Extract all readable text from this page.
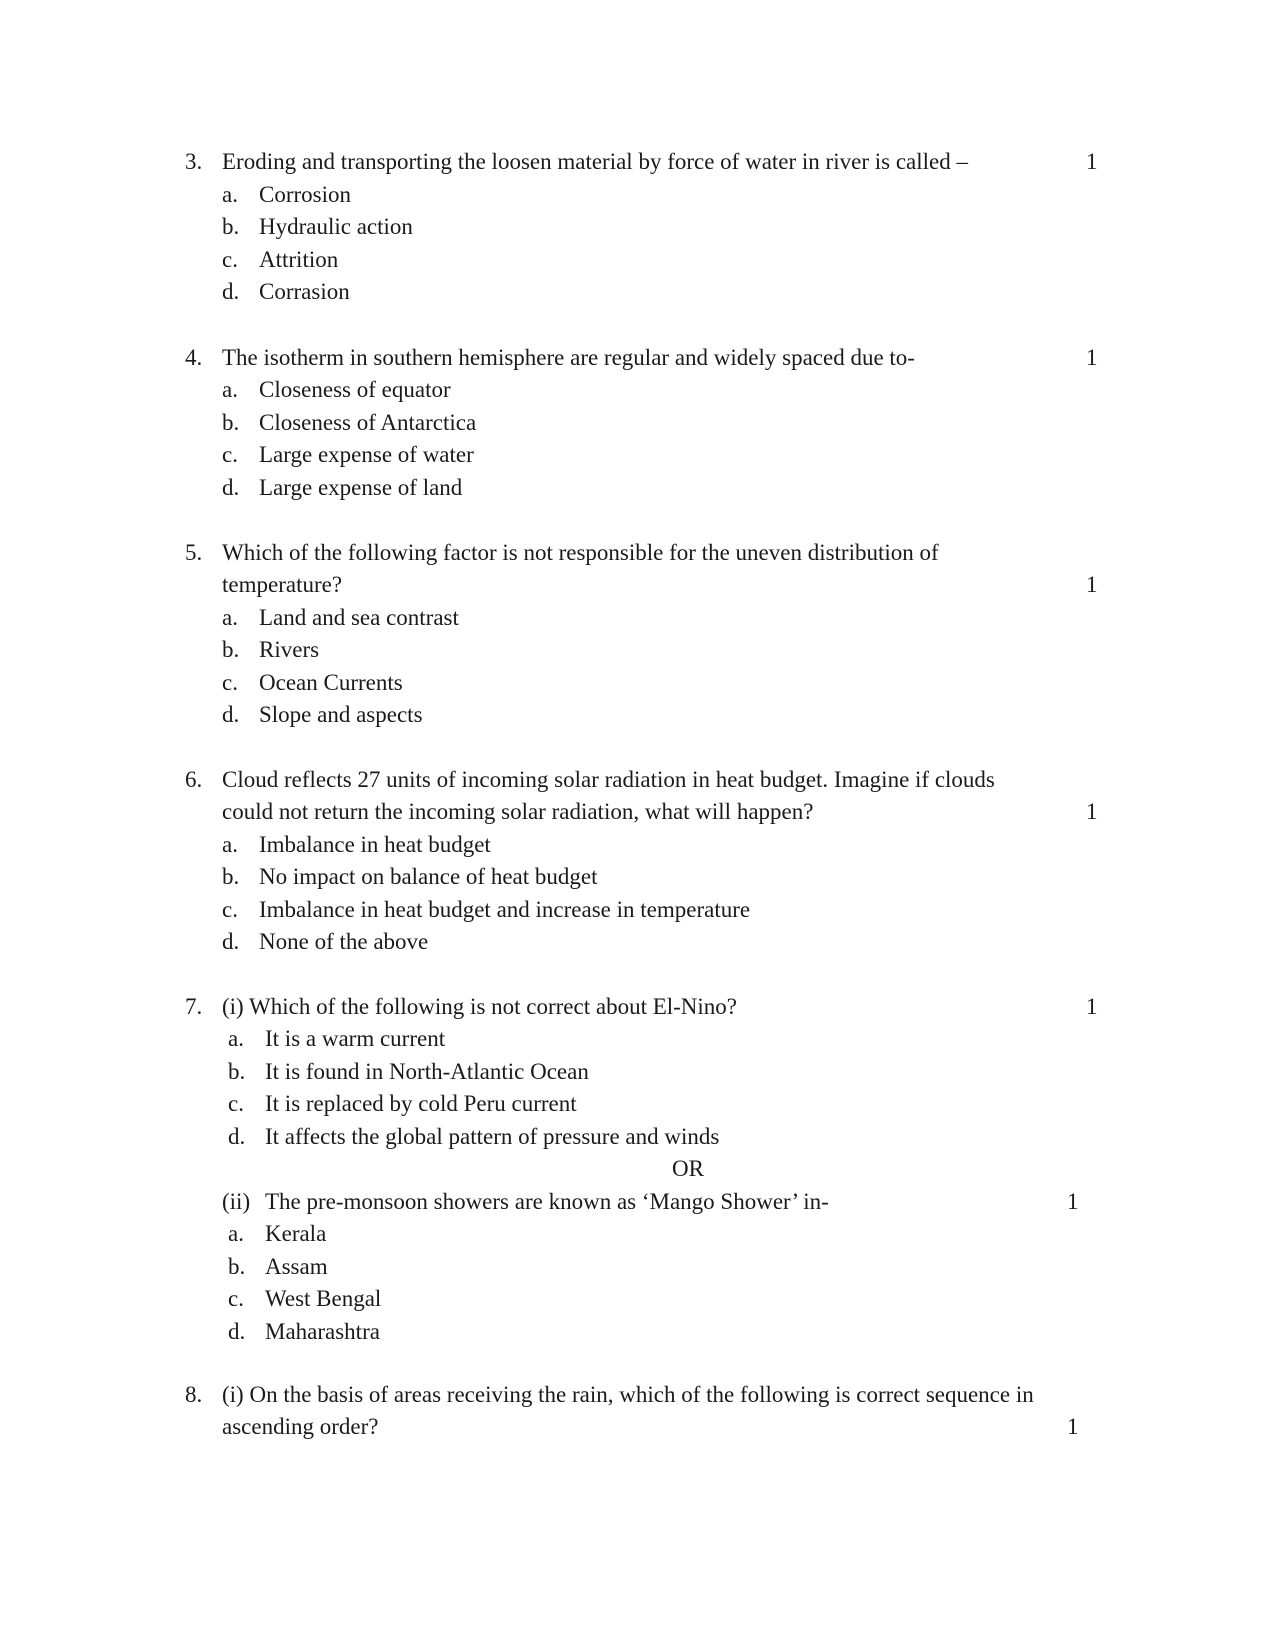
3. Eroding and transporting the loosen material by force of water in river is called –	1
a. Corrosion
b. Hydraulic action
c. Attrition
d. Corrasion
4. The isotherm in southern hemisphere are regular and widely spaced due to-	1
a. Closeness of equator
b. Closeness of Antarctica
c. Large expense of water
d. Large expense of land
5. Which of the following factor is not responsible for the uneven distribution of
temperature?	1
a. Land and sea contrast
b. Rivers
c. Ocean Currents
d. Slope and aspects
6. Cloud reflects 27 units of incoming solar radiation in heat budget. Imagine if clouds
could not return the incoming solar radiation, what will happen?	1
a. Imbalance in heat budget
b. No impact on balance of heat budget
c. Imbalance in heat budget and increase in temperature
d. None of the above
7. (i) Which of the following is not correct about El-Nino?	1
a. It is a warm current
b. It is found in North-Atlantic Ocean
c. It is replaced by cold Peru current
d. It affects the global pattern of pressure and winds
OR
(ii) The pre-monsoon showers are known as ‘Mango Shower’ in-	1
a. Kerala
b. Assam
c. West Bengal
d. Maharashtra
8. (i) On the basis of areas receiving the rain, which of the following is correct sequence in
ascending order?	1
